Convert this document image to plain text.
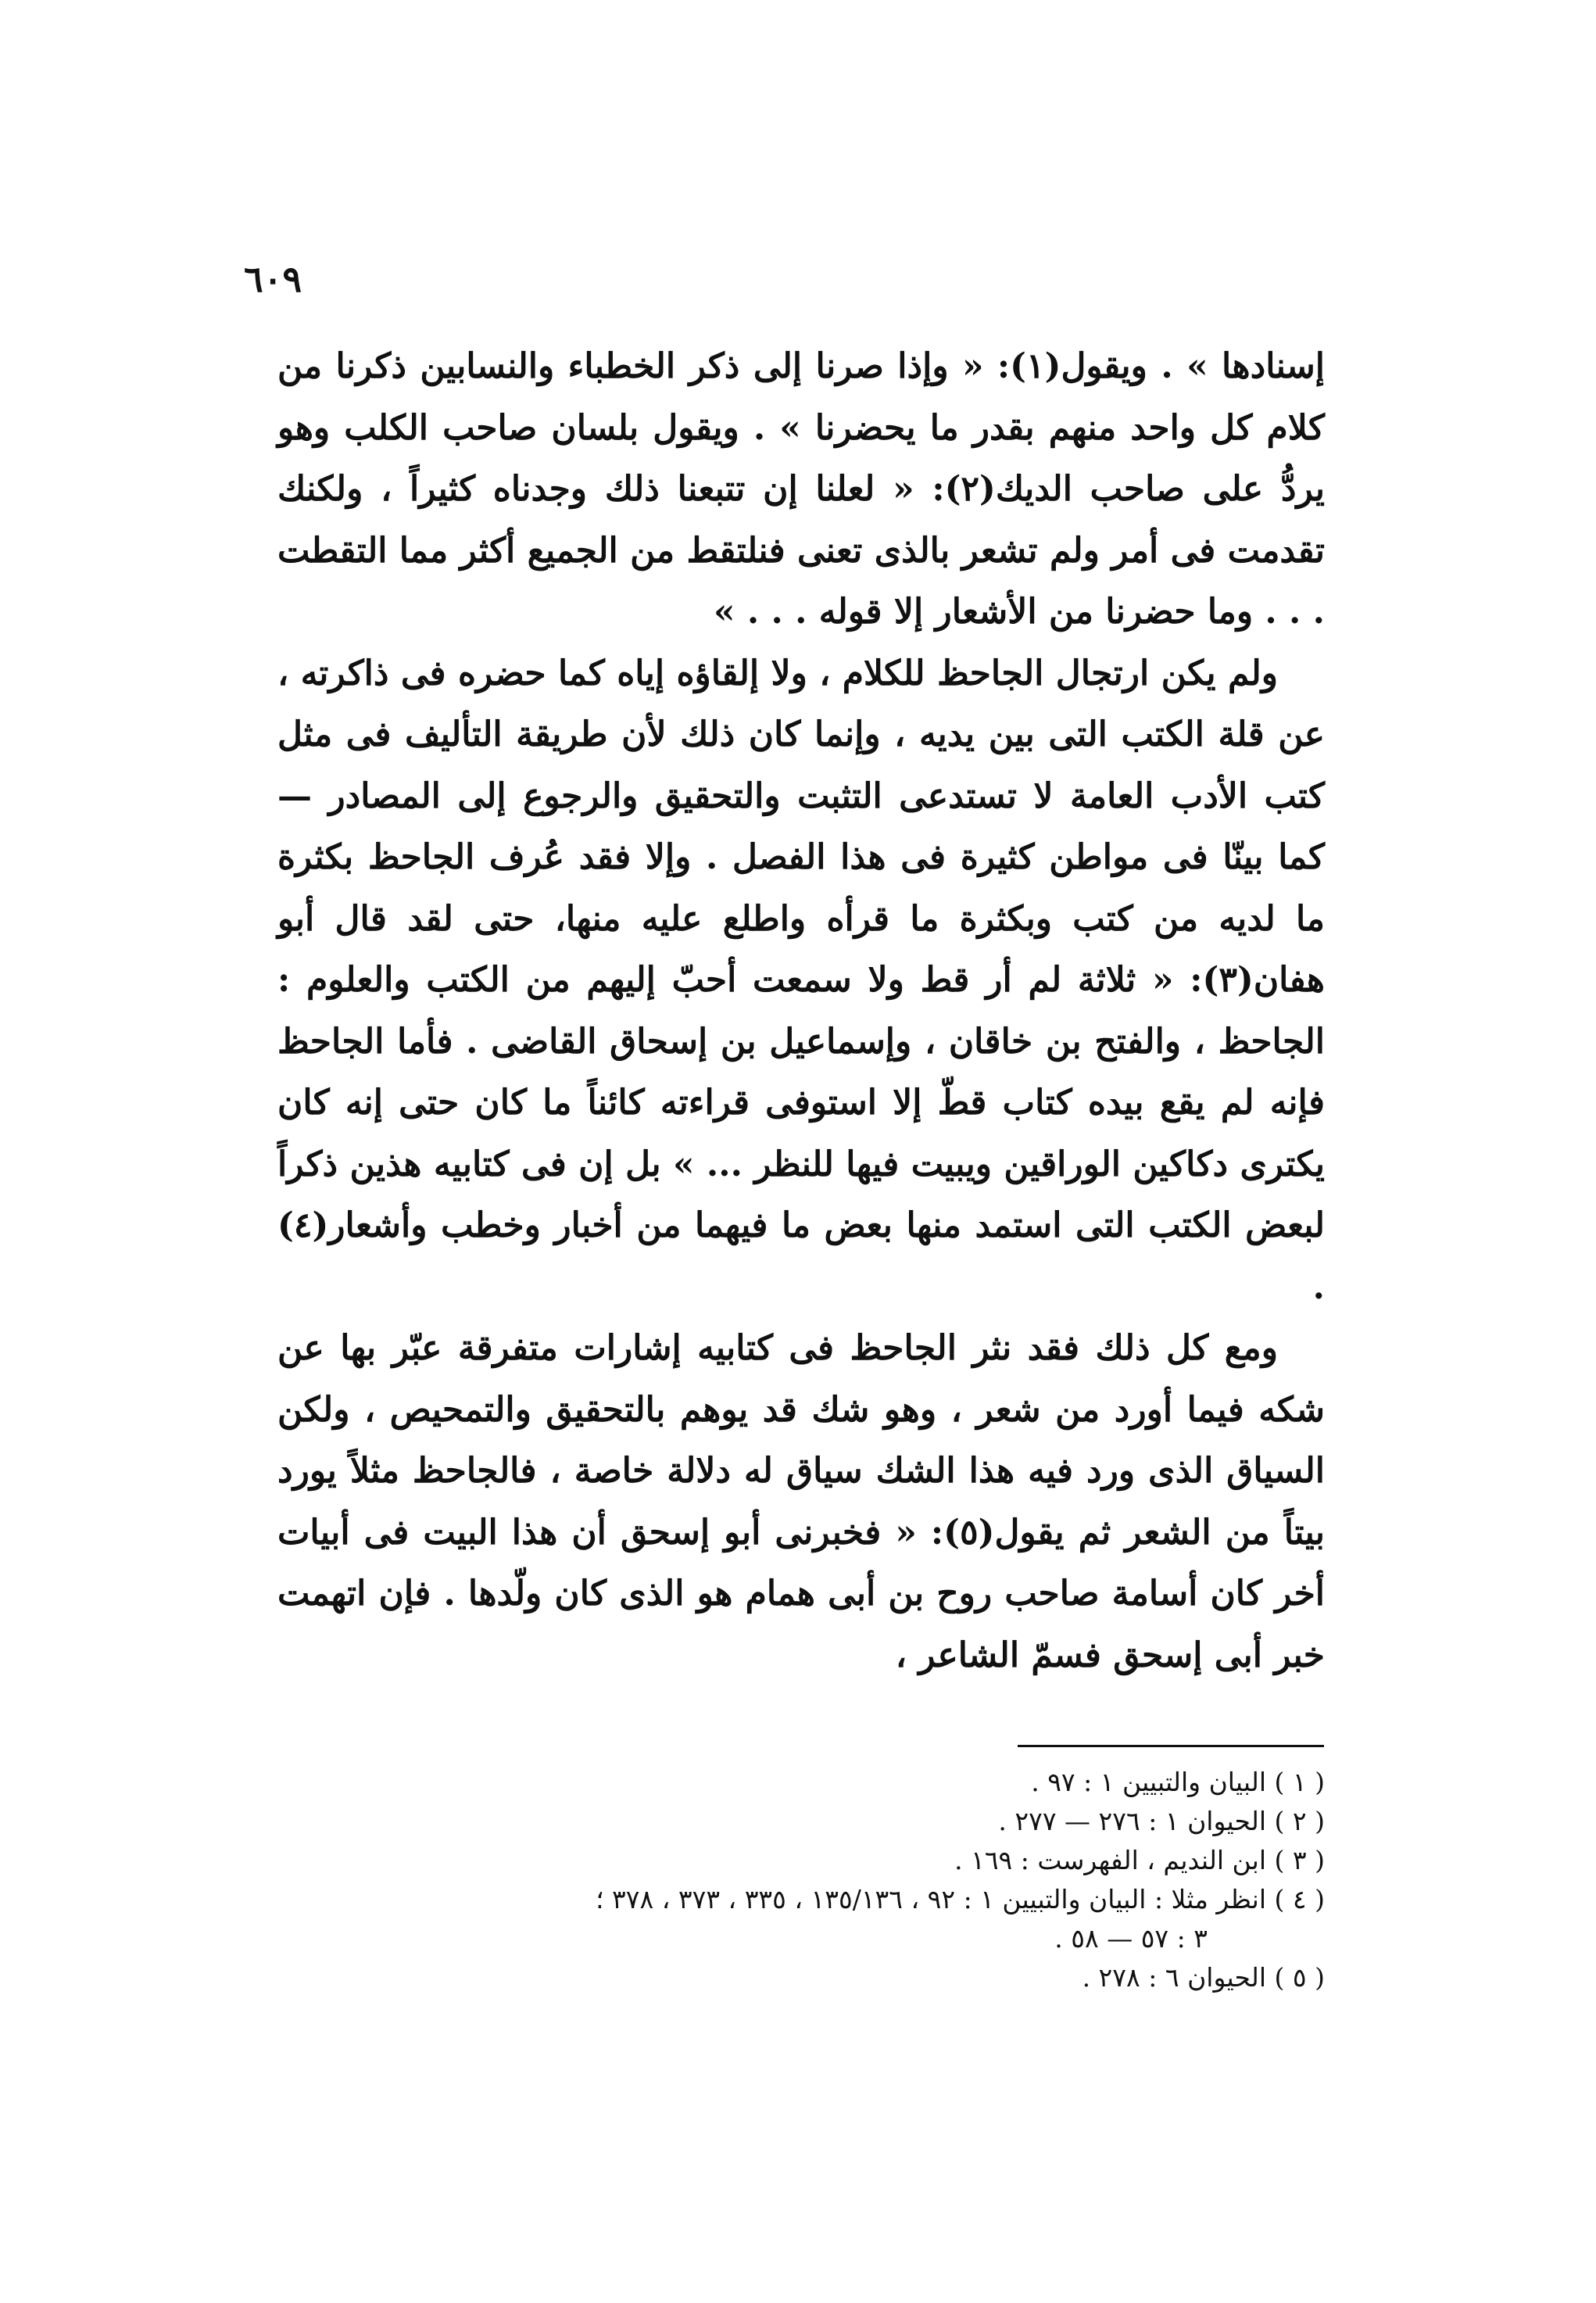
٦٠٩

إسنادها » . ويقول(١): « وإذا صرنا إلى ذكر الخطباء والنسابين ذكرنا من كلام كل واحد منهم بقدر ما يحضرنا » . ويقول بلسان صاحب الكلب وهو يردُّ على صاحب الديك(٢): « لعلنا إن تتبعنا ذلك وجدناه كثيراً ، ولكنك تقدمت فى أمر ولم تشعر بالذى تعنى فنلتقط من الجميع أكثر مما التقطت . . . وما حضرنا من الأشعار إلا قوله . . . »

ولم يكن ارتجال الجاحظ للكلام ، ولا إلقاؤه إياه كما حضره فى ذاكرته ، عن قلة الكتب التى بين يديه ، وإنما كان ذلك لأن طريقة التأليف فى مثل كتب الأدب العامة لا تستدعى التثبت والتحقيق والرجوع إلى المصادر — كما بينّا فى مواطن كثيرة فى هذا الفصل . وإلا فقد عُرف الجاحظ بكثرة ما لديه من كتب وبكثرة ما قرأه واطلع عليه منها، حتى لقد قال أبو هفان(٣): « ثلاثة لم أر قط ولا سمعت أحبّ إليهم من الكتب والعلوم : الجاحظ ، والفتح بن خاقان ، وإسماعيل بن إسحاق القاضى . فأما الجاحظ فإنه لم يقع بيده كتاب قطّ إلا استوفى قراءته كائناً ما كان حتى إنه كان يكترى دكاكين الوراقين ويبيت فيها للنظر ... » بل إن فى كتابيه هذين ذكراً لبعض الكتب التى استمد منها بعض ما فيهما من أخبار وخطب وأشعار(٤) .

ومع كل ذلك فقد نثر الجاحظ فى كتابيه إشارات متفرقة عبّر بها عن شكه فيما أورد من شعر ، وهو شك قد يوهم بالتحقيق والتمحيص ، ولكن السياق الذى ورد فيه هذا الشك سياق له دلالة خاصة ، فالجاحظ مثلاً يورد بيتاً من الشعر ثم يقول(٥): « فخبرنى أبو إسحق أن هذا البيت فى أبيات أخر كان أسامة صاحب روح بن أبى همام هو الذى كان ولّدها . فإن اتهمت خبر أبى إسحق فسمّ الشاعر ،

( ١ ) البيان والتبيين ١ : ٩٧ .

( ٢ ) الحيوان ١ : ٢٧٦ — ٢٧٧ .

( ٣ ) ابن النديم ، الفهرست : ١٦٩ .

( ٤ ) انظر مثلا : البيان والتبيين ١ : ٩٢ ، ١٣٥/١٣٦ ، ٣٣٥ ، ٣٧٣ ، ٣٧٨ ؛
٣ : ٥٧ — ٥٨ .

( ٥ ) الحيوان ٦ : ٢٧٨ .
